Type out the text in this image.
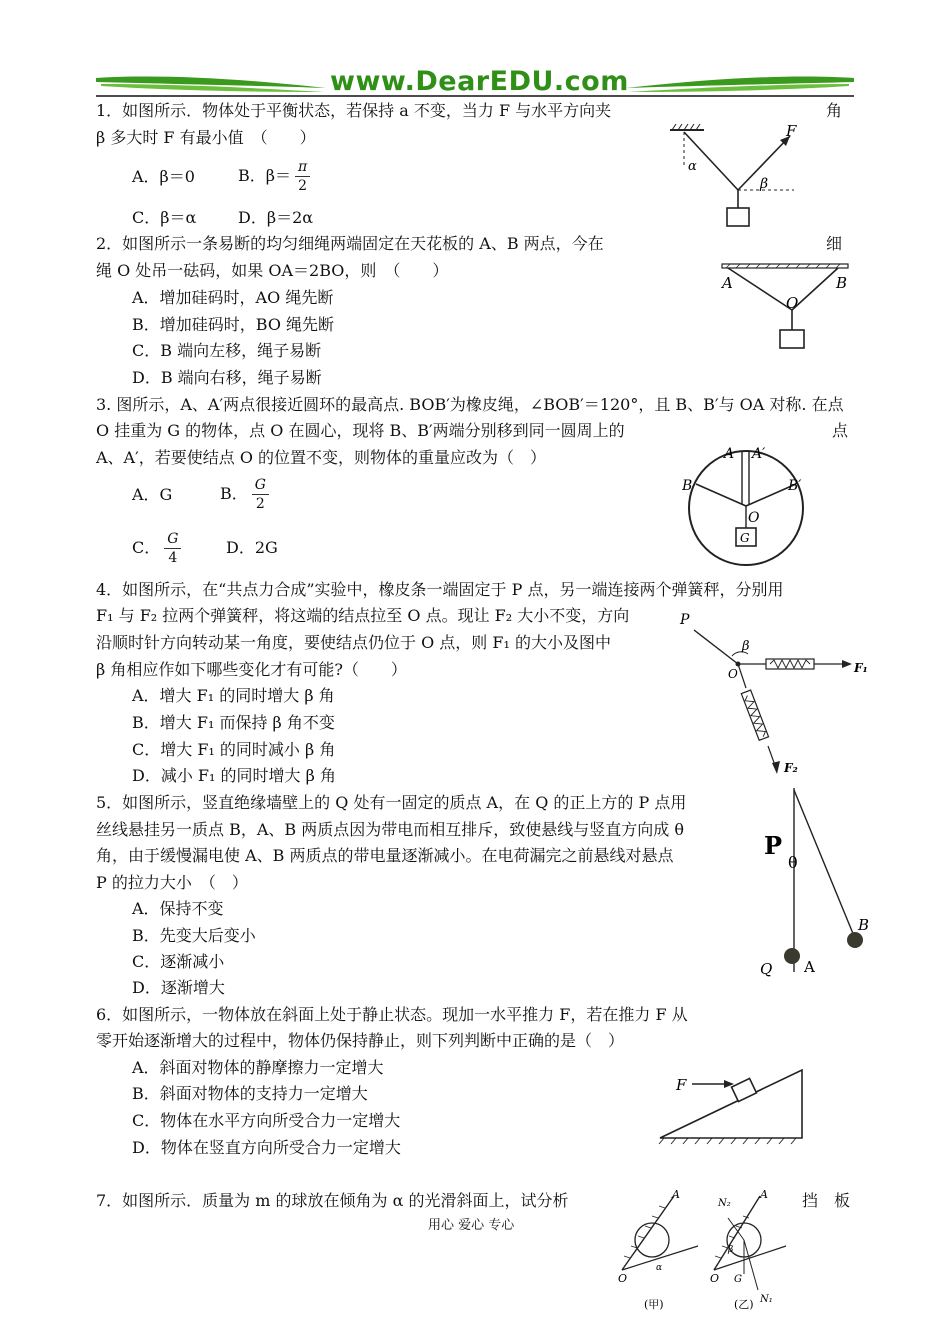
www.DearEDU.com
1．如图所示．物体处于平衡状态，若保持 a 不变，当力 F 与水平方向夹	角
β 多大时 F 有最小值　（　　）
A．β＝0	B．$\beta= \frac{\pi}{2}$
C．β＝α	D．β＝2α
F
α
β
2．如图所示一条易断的均匀细绳两端固定在天花板的 A、B 两点，今在	细
绳 O 处吊一砝码，如果 OA＝2BO，则　（　　）
A．增加硅码时，AO 绳先断
B．增加硅码时，BO 绳先断
C．B 端向左移，绳子易断
D．B 端向右移，绳子易断
A	B
O
3. 图所示，A、A′两点很接近圆环的最高点. BOB′为橡皮绳，∠BOB′＝120°，且 B、B′与 OA 对称. 在点
O 挂重为 G 的物体，点 O 在圆心，现将 B、B′两端分别移到同一圆周上的	点
A、A′，若要使结点 O 的位置不变，则物体的重量应改为（　）
A．G	B． $\frac{G}{2}$
C． $\frac{G}{4}$	D．2G
A A′
B	B′
O
G
4．如图所示，在“共点力合成”实验中，橡皮条一端固定于 P 点，另一端连接两个弹簧秤，分别用
F₁ 与 F₂ 拉两个弹簧秤，将这端的结点拉至 O 点。现让 F₂ 大小不变，方向
沿顺时针方向转动某一角度，要使结点仍位于 O 点，则 F₁ 的大小及图中
β 角相应作如下哪些变化才有可能?（　　）
A．增大 F₁ 的同时增大 β 角
B．增大 F₁ 而保持 β 角不变
C．增大 F₁ 的同时减小 β 角
D．减小 F₁ 的同时增大 β 角
P
O
β
F₁
F₂
5．如图所示，竖直绝缘墙壁上的 Q 处有一固定的质点 A，在 Q 的正上方的 P 点用
丝线悬挂另一质点 B，A、B 两质点因为带电而相互排斥，致使悬线与竖直方向成 θ
角，由于缓慢漏电使 A、B 两质点的带电量逐渐减小。在电荷漏完之前悬线对悬点
P 的拉力大小　（　）
A．保持不变
B．先变大后变小
C．逐渐减小
D．逐渐增大
P
θ
B
Q A
6．如图所示，一物体放在斜面上处于静止状态。现加一水平推力 F，若在推力 F 从
零开始逐渐增大的过程中，物体仍保持静止，则下列判断中正确的是（　）
A．斜面对物体的静摩擦力一定增大
B．斜面对物体的支持力一定增大
C．物体在水平方向所受合力一定增大
D．物体在竖直方向所受合力一定增大
F
7．如图所示．质量为 m 的球放在倾角为 α 的光滑斜面上，试分析	挡　板
A
O
α
(甲)
A
O
N₂
N₁
G
β
(乙)
用心 爱心 专心
